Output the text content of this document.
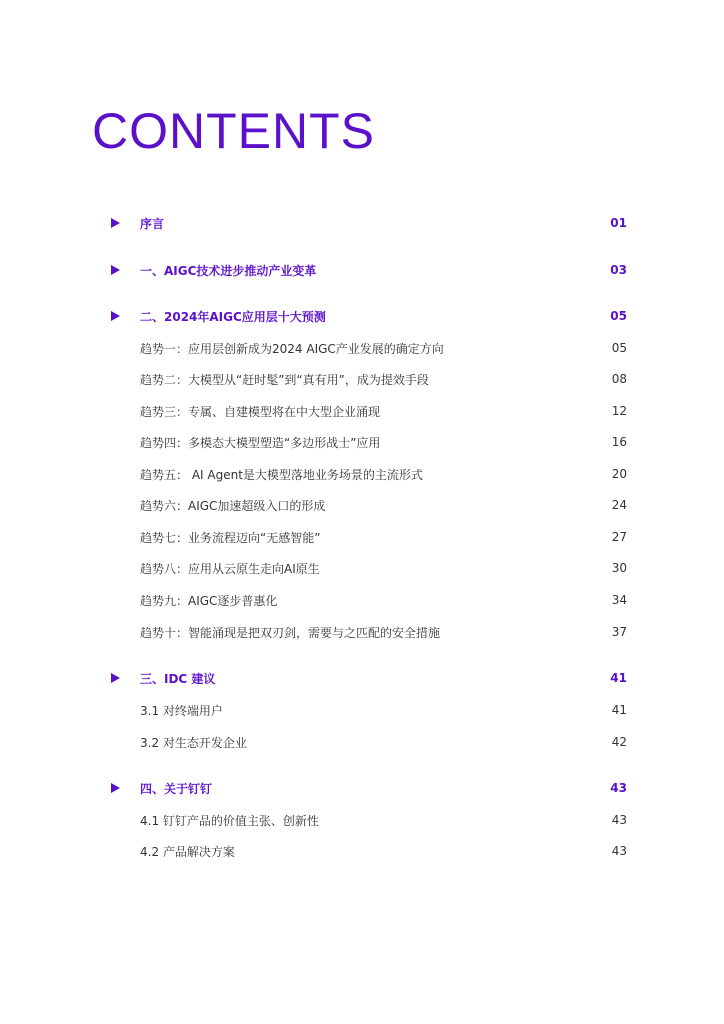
CONTENTS
序言	01
一、AIGC技术进步推动产业变革	03
二、2024年AIGC应用层十大预测	05
趋势一：应用层创新成为2024 AIGC产业发展的确定方向	05
趋势二：大模型从“赶时髦”到“真有用”，成为提效手段	08
趋势三：专属、自建模型将在中大型企业涌现	12
趋势四：多模态大模型塑造“多边形战士”应用	16
趋势五： AI Agent是大模型落地业务场景的主流形式	20
趋势六：AIGC加速超级入口的形成	24
趋势七：业务流程迈向“无感智能”	27
趋势八：应用从云原生走向AI原生	30
趋势九：AIGC逐步普惠化	34
趋势十：智能涌现是把双刃剑，需要与之匹配的安全措施	37
三、IDC 建议	41
3.1 对终端用户	41
3.2 对生态开发企业	42
四、关于钉钉	43
4.1 钉钉产品的价值主张、创新性	43
4.2 产品解决方案	43
